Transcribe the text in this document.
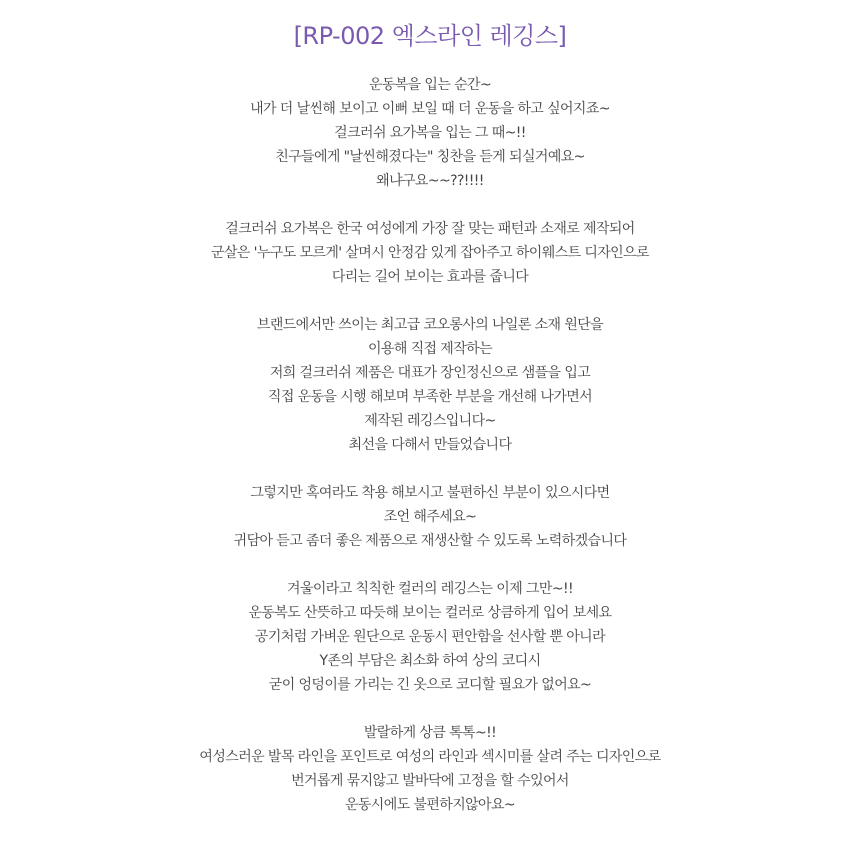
[RP-002 엑스라인 레깅스]

운동복을 입는 순간~
내가 더 날씬해 보이고 이뻐 보일 때 더 운동을 하고 싶어지죠~
걸크러쉬 요가복을 입는 그 때~!!
친구들에게 "날씬해졌다는" 칭찬을 듣게 되실거예요~
왜냐구요~~??!!!!

걸크러쉬 요가복은 한국 여성에게 가장 잘 맞는 패턴과 소재로 제작되어
군살은 '누구도 모르게' 살며시 안정감 있게 잡아주고 하이웨스트 디자인으로
다리는 길어 보이는 효과를 줍니다

브랜드에서만 쓰이는 최고급 코오롱사의 나일론 소재 원단을
이용해 직접 제작하는
저희 걸크러쉬 제품은 대표가 장인정신으로 샘플을 입고
직접 운동을 시행 해보며 부족한 부분을 개선해 나가면서
제작된 레깅스입니다~
최선을 다해서 만들었습니다

그렇지만 혹여라도 착용 해보시고 불편하신 부분이 있으시다면
조언 해주세요~
귀담아 듣고 좀더 좋은 제품으로 재생산할 수 있도록 노력하겠습니다

겨울이라고 칙칙한 컬러의 레깅스는 이제 그만~!!
운동복도 산뜻하고 따듯해 보이는 컬러로 상큼하게 입어 보세요
공기처럼 가벼운 원단으로 운동시 편안함을 선사할 뿐 아니라
Y존의 부담은 최소화 하여 상의 코디시
굳이 엉덩이를 가리는 긴 옷으로 코디할 필요가 없어요~

발랄하게 상큼 톡톡~!!
여성스러운 발목 라인을 포인트로 여성의 라인과 섹시미를 살려 주는 디자인으로
번거롭게 묶지않고 발바닥에 고정을 할 수있어서
운동시에도 불편하지않아요~
